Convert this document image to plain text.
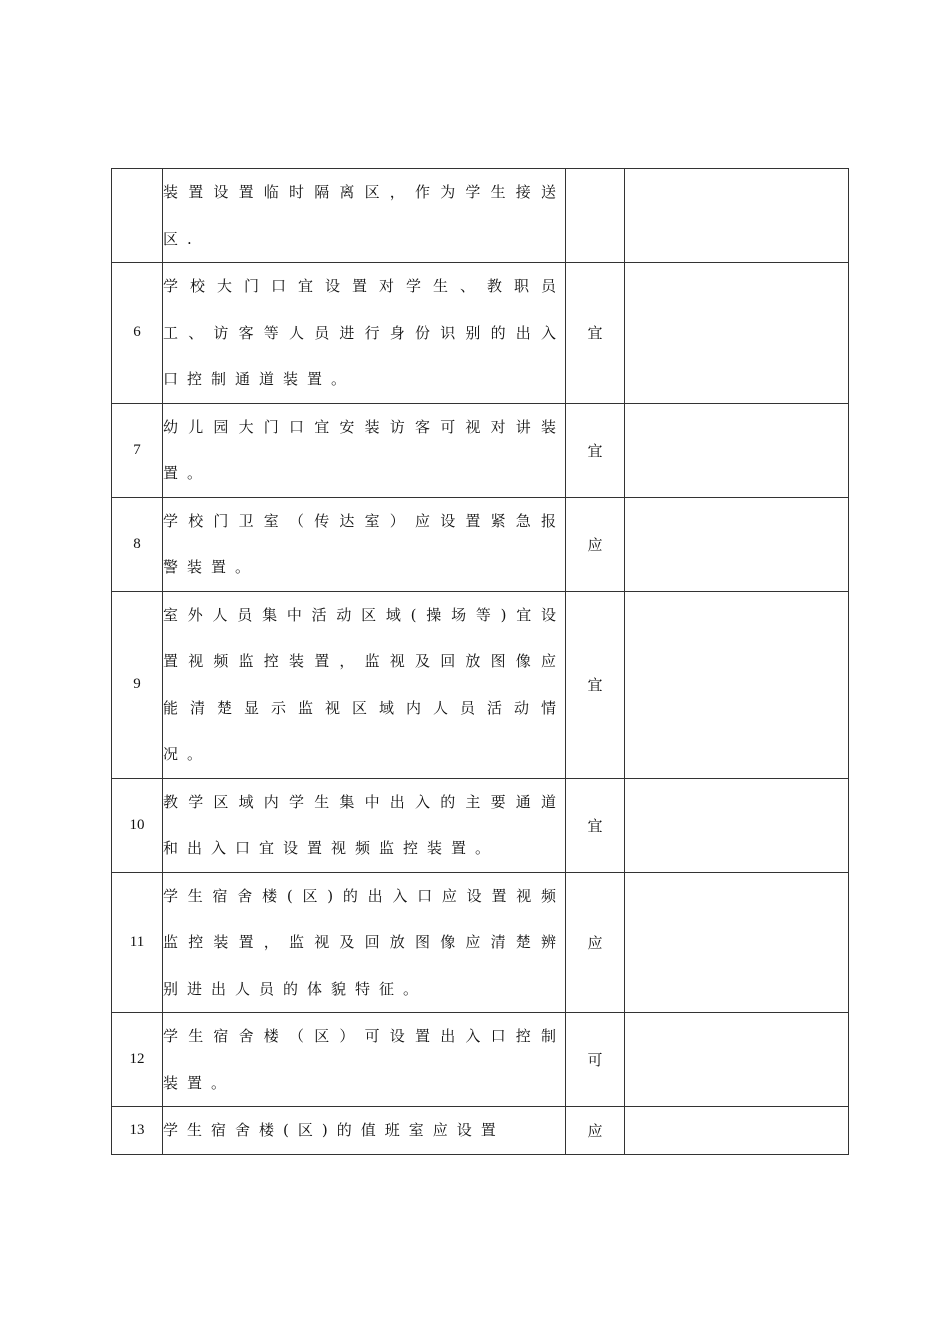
	装置设置临时隔离区，作为学生接送区.		
6	学校大门口宜设置对学生、教职员工、访客等人员进行身份识别的出入口控制通道装置。	宜	
7	幼儿园大门口宜安装访客可视对讲装置。	宜	
8	学校门卫室（传达室）应设置紧急报警装置。	应	
9	室外人员集中活动区域(操场等)宜设置视频监控装置，监视及回放图像应能清楚显示监视区域内人员活动情况。	宜	
10	教学区域内学生集中出入的主要通道和出入口宜设置视频监控装置。	宜	
11	学生宿舍楼(区)的出入口应设置视频监控装置，监视及回放图像应清楚辨别进出人员的体貌特征。	应	
12	学生宿舍楼（区）可设置出入口控制装置。	可	
13	学生宿舍楼(区)的值班室应设置	应	
